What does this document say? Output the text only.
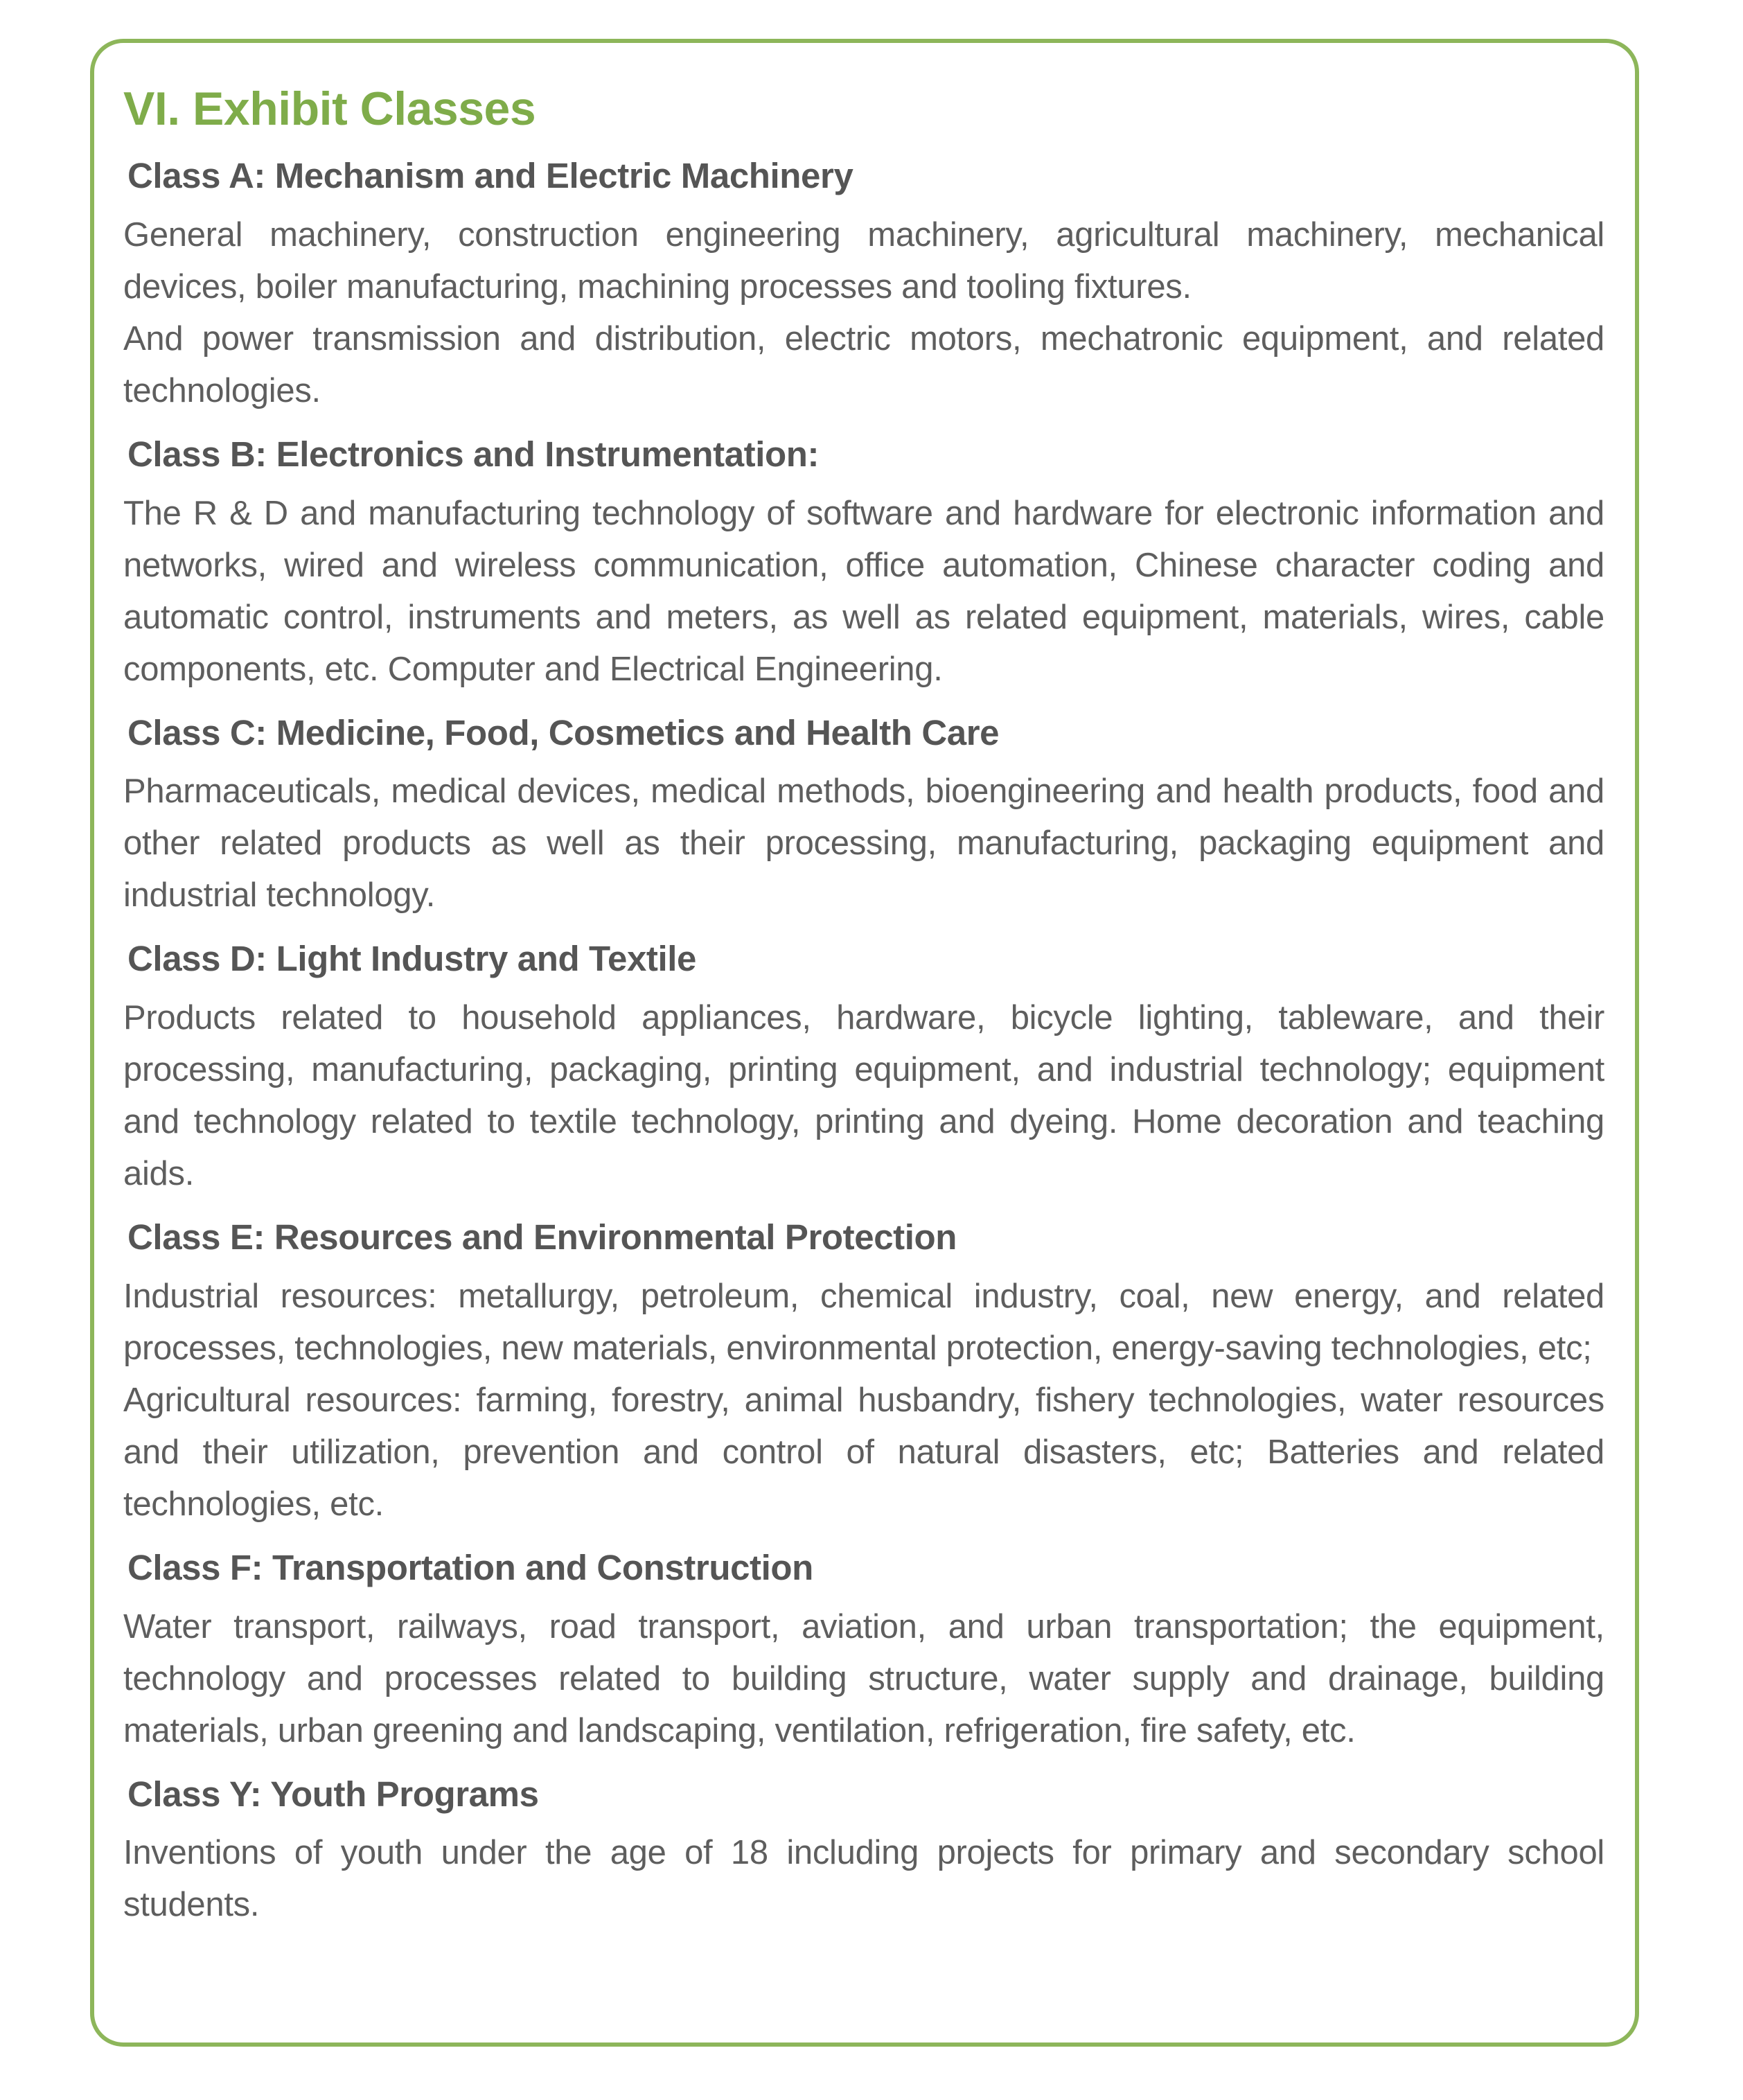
VI. Exhibit Classes
Class A: Mechanism and Electric Machinery

General machinery, construction engineering machinery, agricultural machinery, mechanical devices, boiler manufacturing, machining processes and tooling fixtures.

And power transmission and distribution, electric motors, mechatronic equipment, and related technologies.

Class B: Electronics and Instrumentation:

The R & D and manufacturing technology of software and hardware for electronic information and networks, wired and wireless communication, office automation, Chinese character coding and automatic control, instruments and meters, as well as related equipment, materials, wires, cable components, etc. Computer and Electrical Engineering.

Class C: Medicine, Food, Cosmetics and Health Care

Pharmaceuticals, medical devices, medical methods, bioengineering and health products, food and other related products as well as their processing, manufacturing, packaging equipment and industrial technology.

Class D: Light Industry and Textile

Products related to household appliances, hardware, bicycle lighting, tableware, and their processing, manufacturing, packaging, printing equipment, and industrial technology; equipment and technology related to textile technology, printing and dyeing. Home decoration and teaching aids.

Class E: Resources and Environmental Protection

Industrial resources: metallurgy, petroleum, chemical industry, coal, new energy, and related processes, technologies, new materials, environmental protection, energy-saving technologies, etc;

Agricultural resources: farming, forestry, animal husbandry, fishery technologies, water resources and their utilization, prevention and control of natural disasters, etc; Batteries and related technologies, etc.

Class F: Transportation and Construction

Water transport, railways, road transport, aviation, and urban transportation; the equipment, technology and processes related to building structure, water supply and drainage, building materials, urban greening and landscaping, ventilation, refrigeration, fire safety, etc.

Class Y: Youth Programs

Inventions of youth under the age of 18 including projects for primary and secondary school students.
